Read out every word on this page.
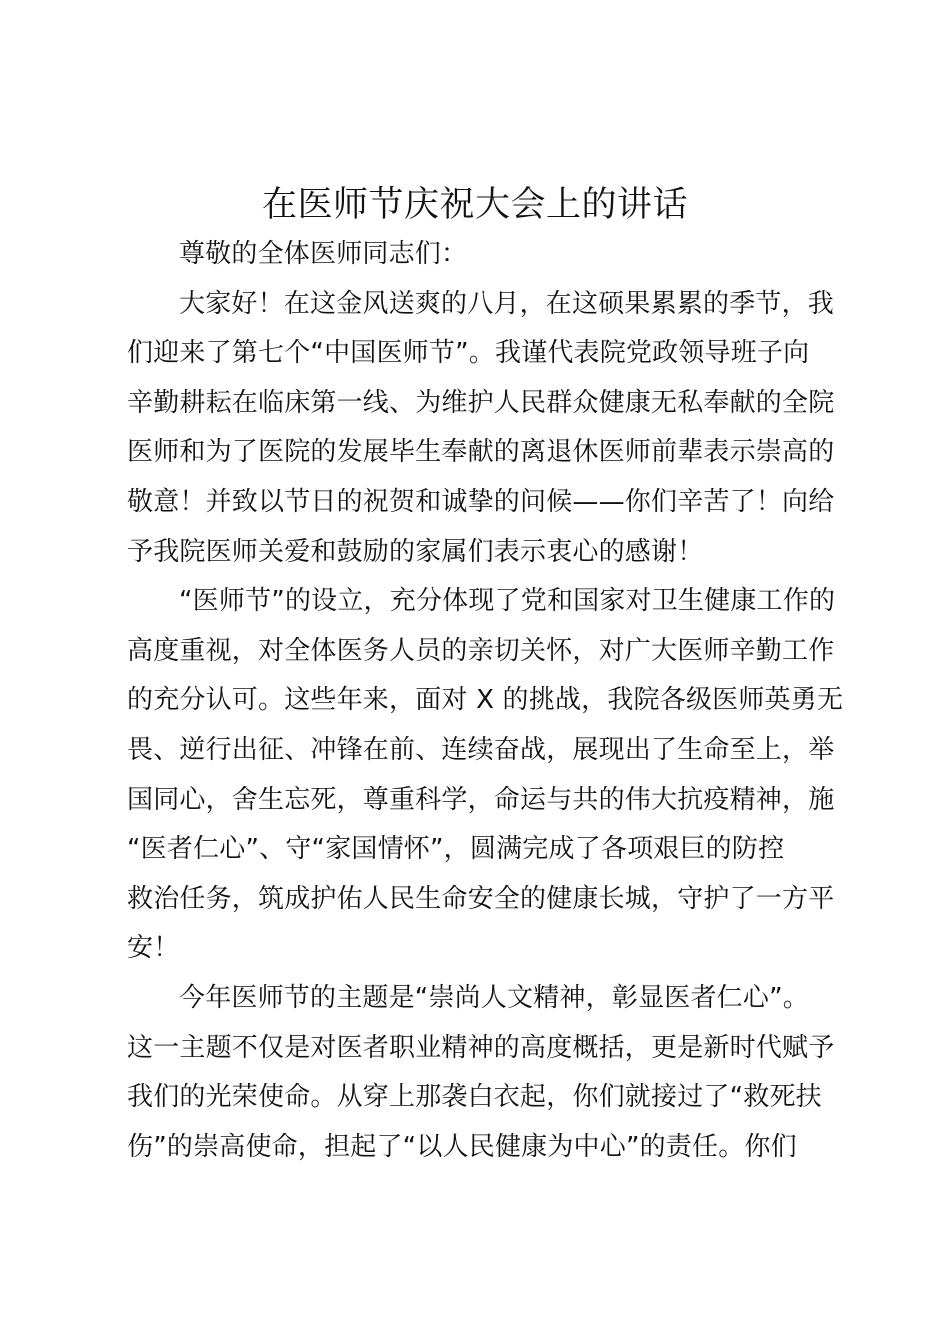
在医师节庆祝大会上的讲话
尊敬的全体医师同志们：
大家好！在这金风送爽的八月，在这硕果累累的季节，我
们迎来了第七个“中国医师节”。我谨代表院党政领导班子向
辛勤耕耘在临床第一线、为维护人民群众健康无私奉献的全院
医师和为了医院的发展毕生奉献的离退休医师前辈表示崇高的
敬意！并致以节日的祝贺和诚挚的问候——你们辛苦了！向给
予我院医师关爱和鼓励的家属们表示衷心的感谢！
“医师节”的设立，充分体现了党和国家对卫生健康工作的
高度重视，对全体医务人员的亲切关怀，对广大医师辛勤工作
的充分认可。这些年来，面对 X 的挑战，我院各级医师英勇无
畏、逆行出征、冲锋在前、连续奋战，展现出了生命至上，举
国同心，舍生忘死，尊重科学，命运与共的伟大抗疫精神，施
“医者仁心”、守“家国情怀”，圆满完成了各项艰巨的防控
救治任务，筑成护佑人民生命安全的健康长城，守护了一方平
安！
今年医师节的主题是“崇尚人文精神，彰显医者仁心”。
这一主题不仅是对医者职业精神的高度概括，更是新时代赋予
我们的光荣使命。从穿上那袭白衣起，你们就接过了“救死扶
伤”的崇高使命，担起了“以人民健康为中心”的责任。你们
